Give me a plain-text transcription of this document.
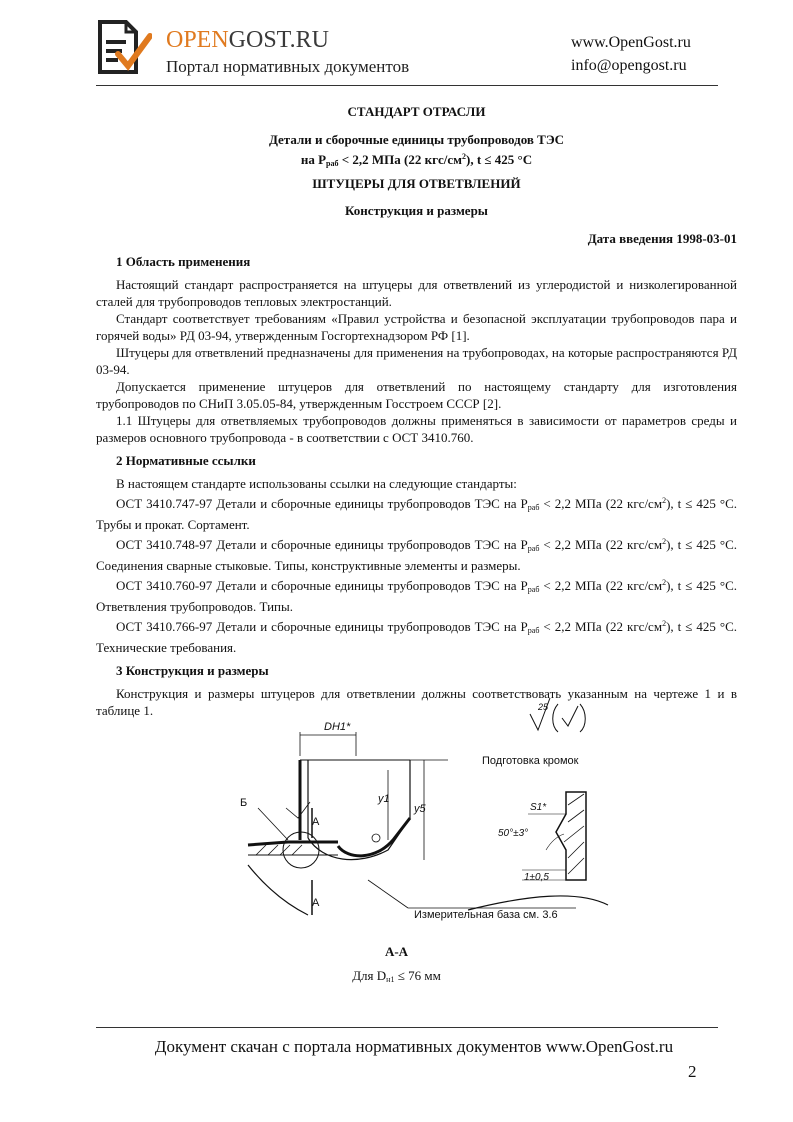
OPENGOST.RU
Портал нормативных документов
www.OpenGost.ru
info@opengost.ru
СТАНДАРТ ОТРАСЛИ
Детали и сборочные единицы трубопроводов ТЭС
на $P_{раб} < 2,2$ МПа (22 кгс/$см^2$), t ≤ 425 °С
ШТУЦЕРЫ ДЛЯ ОТВЕТВЛЕНИЙ
Конструкция и размеры
Дата введения 1998-03-01
1 Область применения

Настоящий стандарт распространяется на штуцеры для ответвлений из углеродистой и низколегированной сталей для трубопроводов тепловых электростанций.

Стандарт соответствует требованиям «Правил устройства и безопасной эксплуатации трубопроводов пара и горячей воды» РД 03-94, утвержденным Госгортехнадзором РФ [1].

Штуцеры для ответвлений предназначены для применения на трубопроводах, на которые распространяются РД 03-94.

Допускается применение штуцеров для ответвлений по настоящему стандарту для изготовления трубопроводов по СНиП 3.05.05-84, утвержденным Госстроем СССР [2].

1.1 Штуцеры для ответвляемых трубопроводов должны применяться в зависимости от параметров среды и размеров основного трубопровода - в соответствии с ОСТ 3410.760.

2 Нормативные ссылки

В настоящем стандарте использованы ссылки на следующие стандарты:

ОСТ 3410.747-97 Детали и сборочные единицы трубопроводов ТЭС на $P_{раб} < 2,2$ МПа (22 кгс/$см^2$), t ≤ 425 °С. Трубы и прокат. Сортамент.

ОСТ 3410.748-97 Детали и сборочные единицы трубопроводов ТЭС на $P_{раб} < 2,2$ МПа (22 кгс/$см^2$), t ≤ 425 °С. Соединения сварные стыковые. Типы, конструктивные элементы и размеры.

ОСТ 3410.760-97 Детали и сборочные единицы трубопроводов ТЭС на $P_{раб} < 2,2$ МПа (22 кгс/$см^2$), t ≤ 425 °С. Ответвления трубопроводов. Типы.

ОСТ 3410.766-97 Детали и сборочные единицы трубопроводов ТЭС на $P_{раб} < 2,2$ МПа (22 кгс/$см^2$), t ≤ 425 °С. Технические требования.

3 Конструкция и размеры

Конструкция и размеры штуцеров для ответвлении должны соответствовать указанным на чертеже 1 и в таблице 1.

Б
DН1*
y1
y5
А
А
Измерительная база см. 3.6
25
Подготовка кромок
S1*
50°±3°
1±0,5
А-А
Для $D_{н1} \le 76$ мм
Документ скачан с портала нормативных документов www.OpenGost.ru
2
